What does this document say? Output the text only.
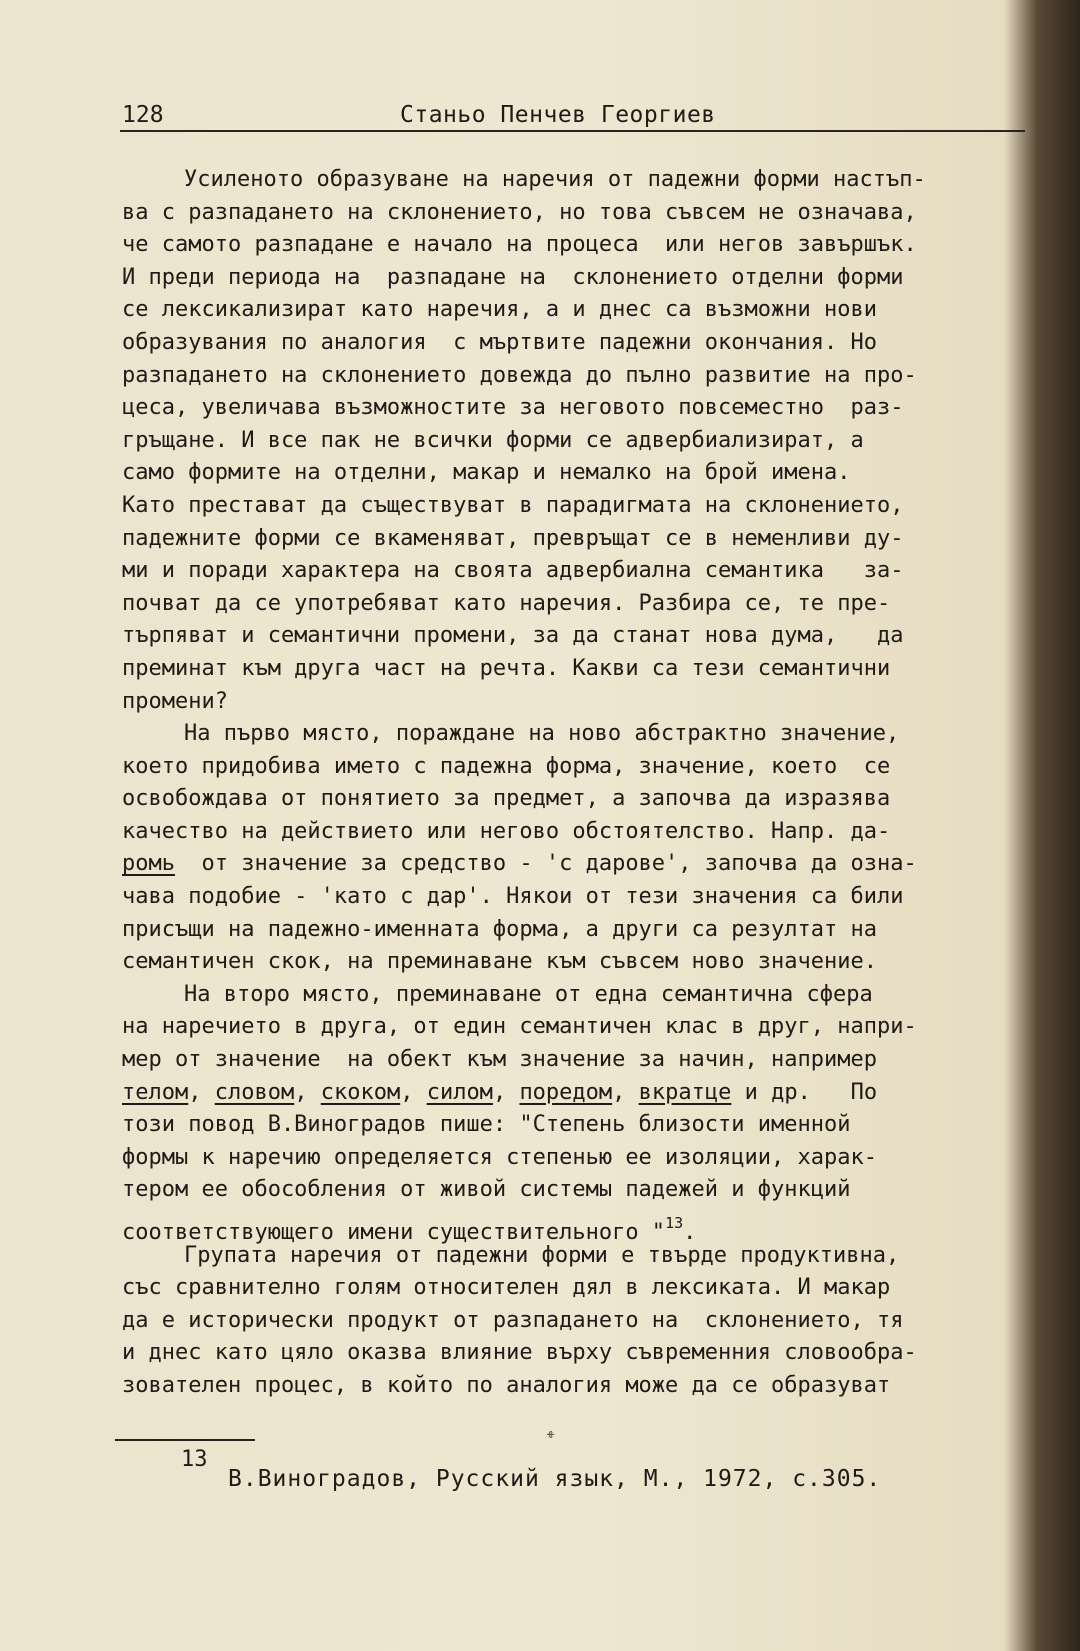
128	Станьо Пенчев Георгиев
Усиленото образуване на наречия от падежни форми настъп-
ва с разпадането на склонението, но това съвсем не означава,
че самото разпадане е начало на процеса  или негов завършък.
И преди периода на  разпадане на  склонението отделни форми
се лексикализират като наречия, а и днес са възможни нови
образувания по аналогия  с мъртвите падежни окончания. Но
разпадането на склонението довежда до пълно развитие на про-
цеса, увеличава възможностите за неговото повсеместно  раз-
гръщане. И все пак не всички форми се адвербиализират, а
само формите на отделни, макар и немалко на брой имена.
Като престават да съществуват в парадигмата на склонението,
падежните форми се вкаменяват, превръщат се в неменливи ду-
ми и поради характера на своята адвербиална семантика   за-
почват да се употребяват като наречия. Разбира се, те пре-
търпяват и семантични промени, за да станат нова дума,   да
преминат към друга част на речта. Какви са тези семантични
промени?
На първо място, пораждане на ново абстрактно значение,
което придобива името с падежна форма, значение, което  се
освобождава от понятието за предмет, а започва да изразява
качество на действието или негово обстоятелство. Напр. да-
ромь  от значение за средство - 'с дарове', започва да озна-
чава подобие - 'като с дар'. Някои от тези значения са били
присъщи на падежно-именната форма, а други са резултат на
семантичен скок, на преминаване към съвсем ново значение.
На второ място, преминаване от една семантична сфера
на наречието в друга, от един семантичен клас в друг, напри-
мер от значение  на обект към значение за начин, например
телом, словом, скоком, силом, поредом, вкратце и др.   По
този повод В.Виноградов пише: "Степень близости именной
формы к наречию определяется степенью ее изоляции, харак-
тером ее обособления от живой системы падежей и функций
соответствующего имени существительного "$^{13}$.
Групата наречия от падежни форми е твърде продуктивна,
със сравнително голям относителен дял в лексиката. И макар
да е исторически продукт от разпадането на  склонението, тя
и днес като цяло оказва влияние върху съвременния словообра-
зователен процес, в който по аналогия може да се образуват
ﻬ
13
В.Виноградов, Русский язык, М., 1972, с.305.
